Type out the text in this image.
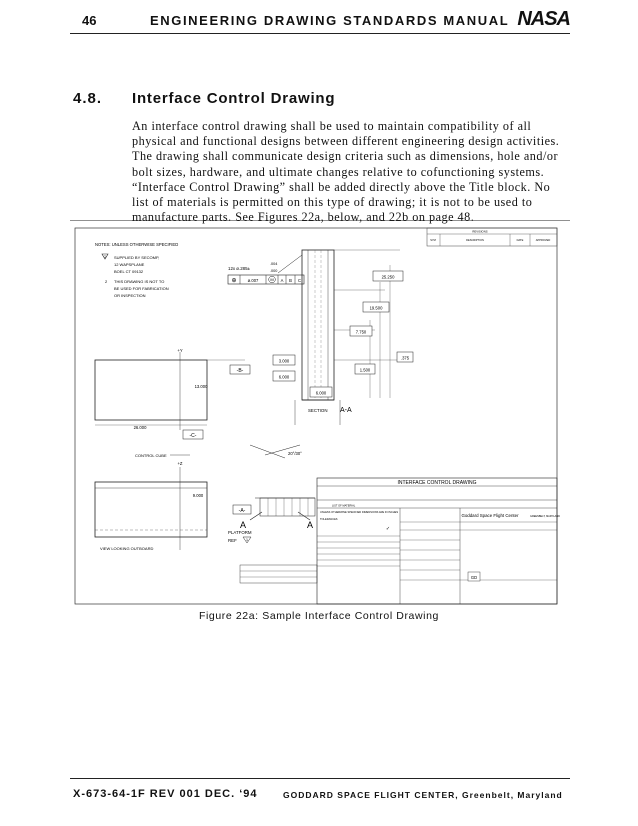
46	ENGINEERING DRAWING STANDARDS MANUAL NASA
4.8. Interface Control Drawing

An interface control drawing shall be used to maintain compatibility of all physical and functional designs between different engineering design activities. The drawing shall communicate design criteria such as dimensions, hole and/or bolt sizes, hardware, and ultimate changes relative to cofunctioning systems. “Interface Control Drawing” shall be added directly above the Title block. No list of materials is permitted on this type of drawing; it is not to be used to manufacture parts. See Figures 22a, below, and 22b on page 48.

REVISIONS
SYM	DESCRIPTION	DATE	APPROVED
NOTES: UNLESS OTHERWISE SPECIFIED
1 SUPPLIED BY SECOMP,
12 WAPSPLANE
BOEL CT 09132
2 THIS DRAWING IS NOT TO
BE USED FOR FABRICATION
OR INSPECTION
12x ø.285±
.004
.000
⊕	ø.007	M A B C
25.250
19.500
7.750
.375
1.500
3.000
6.000
6.000
SECTION A-A
+Y
-B-
13.000
26.000
-C-
CONTROL CUBE	20°/30°
+Z
9.000
-A-
VIEW LOOKING OUTBOARD
A	A
PLATFORM
REF	1
INTERFACE CONTROL DRAWING
LIST OF MATERIAL
UNLESS OTHERWISE SPECIFIED DIMENSIONS ARE IN INCHES
TOLERANCES
✓
Goddard Space Flight Center	GREENBELT, MARYLAND
GD
Figure 22a: Sample Interface Control Drawing
X-673-64-1F REV 001 DEC. ‘94	GODDARD SPACE FLIGHT CENTER, Greenbelt, Maryland
